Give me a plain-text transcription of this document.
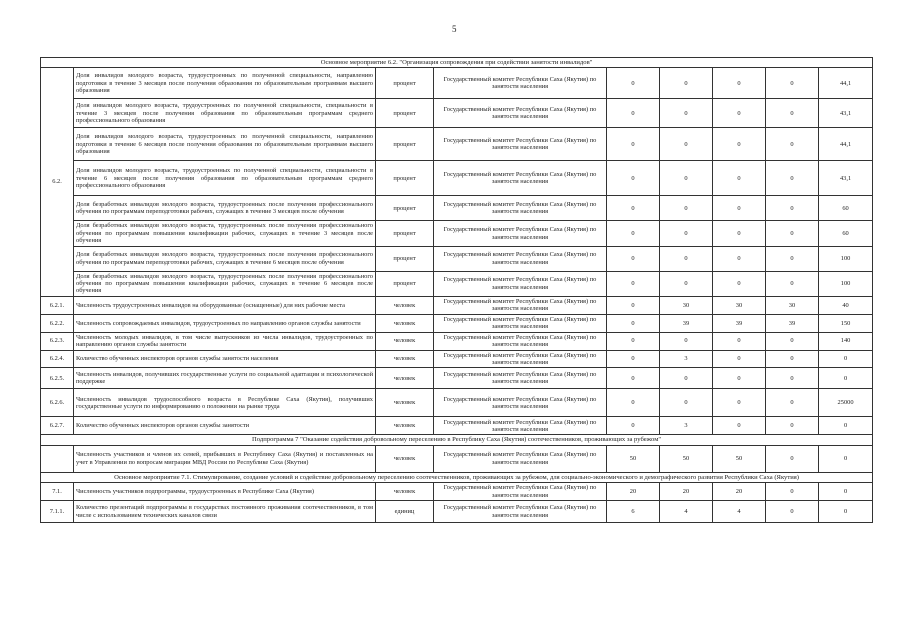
5
Основное мероприятие 6.2. "Организация сопровождения при содействии занятости инвалидов"								
6.2.	Доля инвалидов молодого возраста, трудоустроенных по полученной специальности, направлению подготовки в течение 3 месяцев после получения образования по образовательным программам высшего образования	процент	Государственный комитет Республики Саха (Якутия) по занятости населения	0	0	0	0	44,1
	Доля инвалидов молодого возраста, трудоустроенных по полученной специальности, специальности в течение 3 месяцев после получения образования по образовательным программам среднего профессионального образования	процент	Государственный комитет Республики Саха (Якутия) по занятости населения	0	0	0	0	43,1
	Доля инвалидов молодого возраста, трудоустроенных по полученной специальности, направлению подготовки в течение 6 месяцев после получения образования по образовательным программам высшего образования	процент	Государственный комитет Республики Саха (Якутия) по занятости населения	0	0	0	0	44,1
	Доля инвалидов молодого возраста, трудоустроенных по полученной специальности, специальности в течение 6 месяцев после получения образования по образовательным программам среднего профессионального образования	процент	Государственный комитет Республики Саха (Якутия) по занятости населения	0	0	0	0	43,1
	Доля безработных инвалидов молодого возраста, трудоустроенных после получения профессионального обучения по программам переподготовки рабочих, служащих в течение 3 месяцев после обучения	процент	Государственный комитет Республики Саха (Якутия) по занятости населения	0	0	0	0	60
	Доля безработных инвалидов молодого возраста, трудоустроенных после получения профессионального обучения по программам повышения квалификации рабочих, служащих в течение 3 месяцев после обучения	процент	Государственный комитет Республики Саха (Якутия) по занятости населения	0	0	0	0	60
	Доля безработных инвалидов молодого возраста, трудоустроенных после получения профессионального обучения по программам переподготовки рабочих, служащих в течение 6 месяцев после обучения	процент	Государственный комитет Республики Саха (Якутия) по занятости населения	0	0	0	0	100
	Доля безработных инвалидов молодого возраста, трудоустроенных после получения профессионального обучения по программам повышения квалификации рабочих, служащих в течение 6 месяцев после обучения	процент	Государственный комитет Республики Саха (Якутия) по занятости населения	0	0	0	0	100
6.2.1.	Численность трудоустроенных инвалидов на оборудованные (оснащенные) для них рабочие места	человек	Государственный комитет Республики Саха (Якутия) по занятости населения	0	30	30	30	40
6.2.2.	Численность сопровождаемых инвалидов, трудоустроенных по направлению органов службы занятости	человек	Государственный комитет Республики Саха (Якутия) по занятости населения	0	39	39	39	150
6.2.3.	Численность молодых инвалидов, в том числе выпускников из числа инвалидов, трудоустроенных по направлению органов службы занятости	человек	Государственный комитет Республики Саха (Якутия) по занятости населения	0	0	0	0	140
6.2.4.	Количество обученных инспекторов органов службы занятости населения	человек	Государственный комитет Республики Саха (Якутия) по занятости населения	0	3	0	0	0
6.2.5.	Численность инвалидов, получивших государственные услуги по социальной адаптации и психологической поддержке	человек	Государственный комитет Республики Саха (Якутия) по занятости населения	0	0	0	0	0
6.2.6.	Численность инвалидов трудоспособного возраста в Республике Саха (Якутия), получивших государственные услуги по информированию о положении на рынке труда	человек	Государственный комитет Республики Саха (Якутия) по занятости населения	0	0	0	0	25000
6.2.7.	Количество обученных инспекторов органов службы занятости	человек	Государственный комитет Республики Саха (Якутия) по занятости населения	0	3	0	0	0
Подпрограмма 7 "Оказание содействия добровольному переселению в Республику Саха (Якутия) соотечественников, проживающих за рубежом"								
	Численность участников и членов их семей, прибывших в Республику Саха (Якутия) и поставленных на учет в Управлении по вопросам миграции МВД России по Республике Саха (Якутия)	человек	Государственный комитет Республики Саха (Якутия) по занятости населения	50	50	50	0	0
Основное мероприятие 7.1. Стимулирование, создание условий и содействие добровольному переселению соотечественников, проживающих за рубежом, для социально-экономического и демографического развития Республики Саха (Якутия)								
7.1.	Численность участников подпрограммы, трудоустроенных в Республике Саха (Якутия)	человек	Государственный комитет Республики Саха (Якутия) по занятости населения	20	20	20	0	0
7.1.1.	Количество презентаций подпрограммы в государствах постоянного проживания соотечественников, в том числе с использованием технических каналов связи	единиц	Государственный комитет Республики Саха (Якутия) по занятости населения	6	4	4	0	0
